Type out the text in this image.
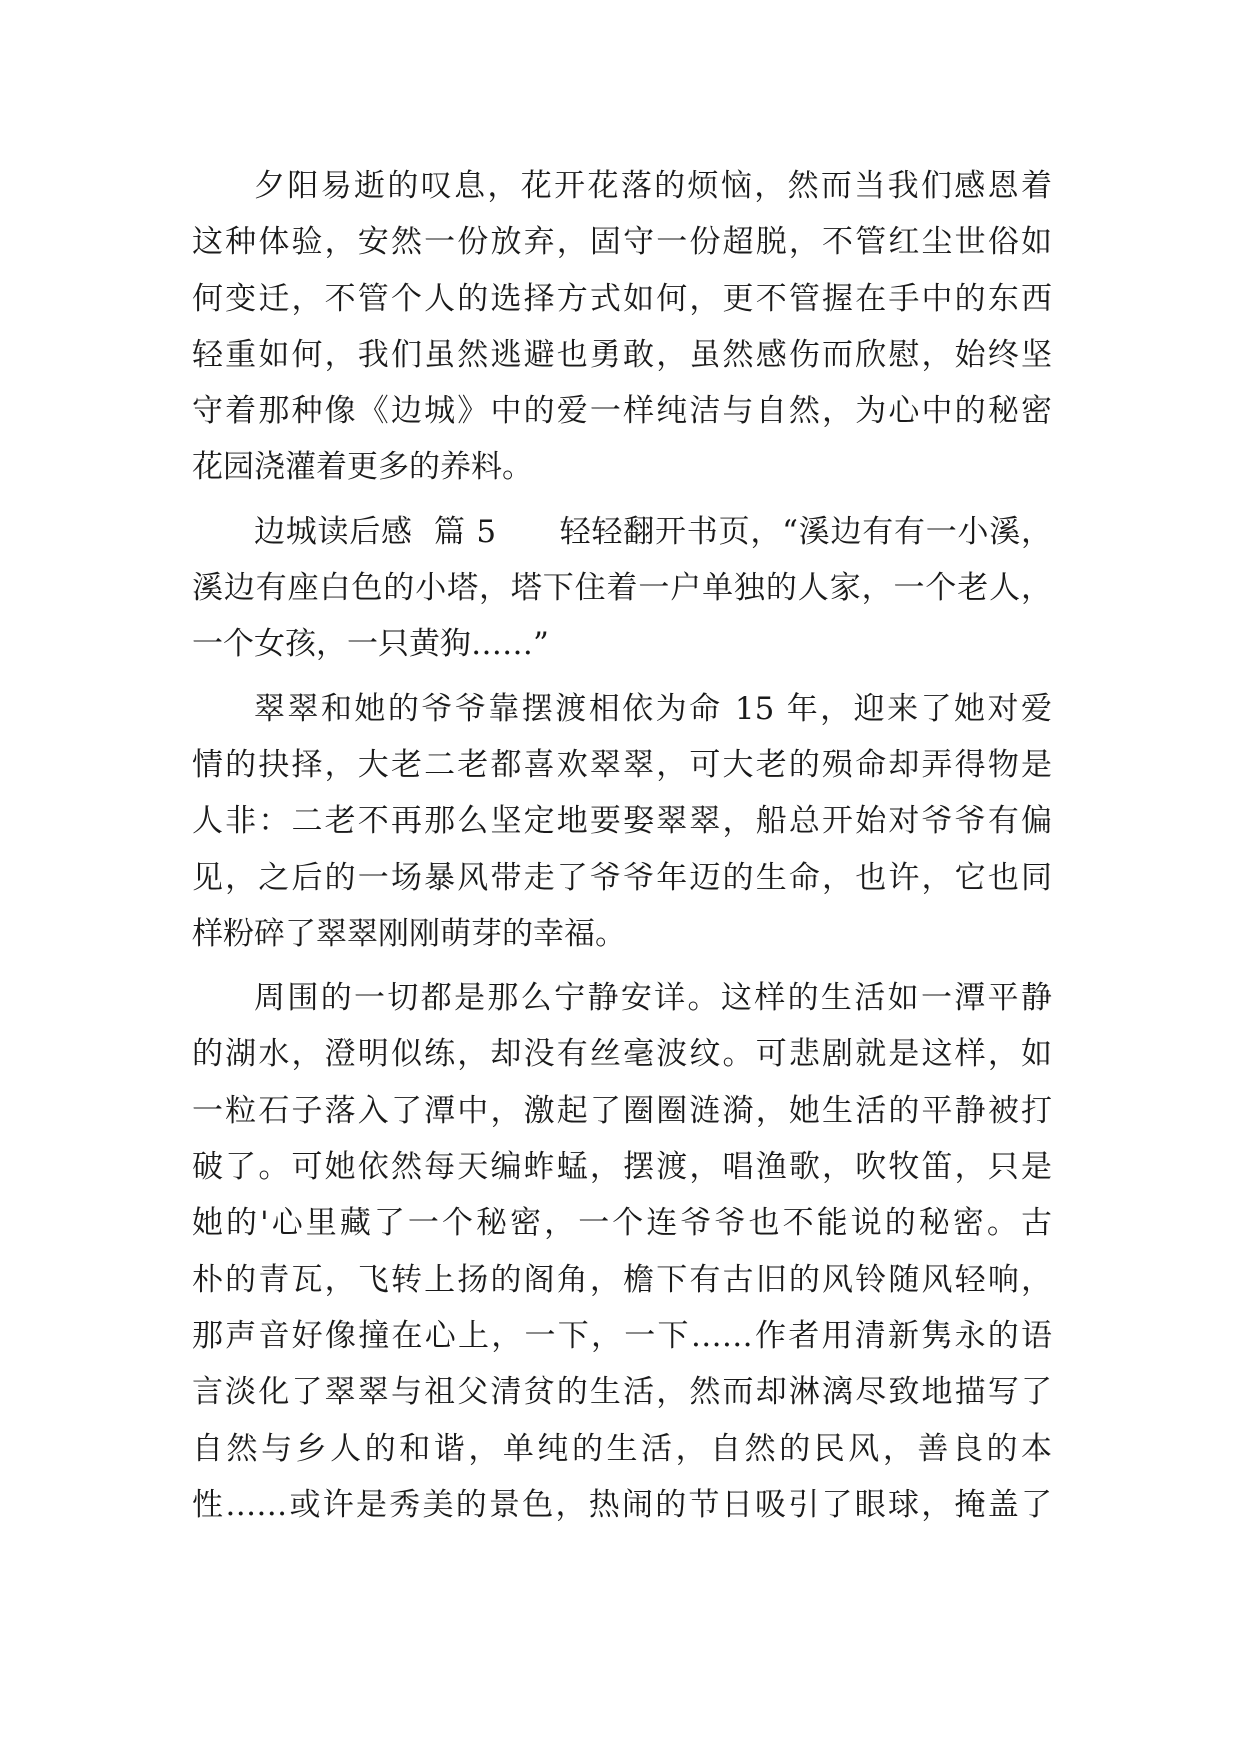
夕阳易逝的叹息，花开花落的烦恼，然而当我们感恩着
这种体验，安然一份放弃，固守一份超脱，不管红尘世俗如
何变迁，不管个人的选择方式如何，更不管握在手中的东西
轻重如何，我们虽然逃避也勇敢，虽然感伤而欣慰，始终坚
守着那种像《边城》中的爱一样纯洁与自然，为心中的秘密
花园浇灌着更多的养料。
边城读后感  篇 5      轻轻翻开书页，“溪边有有一小溪，
溪边有座白色的小塔，塔下住着一户单独的人家，一个老人，
一个女孩，一只黄狗……”
翠翠和她的爷爷靠摆渡相依为命 15 年，迎来了她对爱
情的抉择，大老二老都喜欢翠翠，可大老的殒命却弄得物是
人非：二老不再那么坚定地要娶翠翠，船总开始对爷爷有偏
见，之后的一场暴风带走了爷爷年迈的生命，也许，它也同
样粉碎了翠翠刚刚萌芽的幸福。
周围的一切都是那么宁静安详。这样的生活如一潭平静
的湖水，澄明似练，却没有丝毫波纹。可悲剧就是这样，如
一粒石子落入了潭中，激起了圈圈涟漪，她生活的平静被打
破了。可她依然每天编蚱蜢，摆渡，唱渔歌，吹牧笛，只是
她的'心里藏了一个秘密，一个连爷爷也不能说的秘密。古
朴的青瓦，飞转上扬的阁角，檐下有古旧的风铃随风轻响，
那声音好像撞在心上，一下，一下……作者用清新隽永的语
言淡化了翠翠与祖父清贫的生活，然而却淋漓尽致地描写了
自然与乡人的和谐，单纯的生活，自然的民风，善良的本
性……或许是秀美的景色，热闹的节日吸引了眼球，掩盖了
